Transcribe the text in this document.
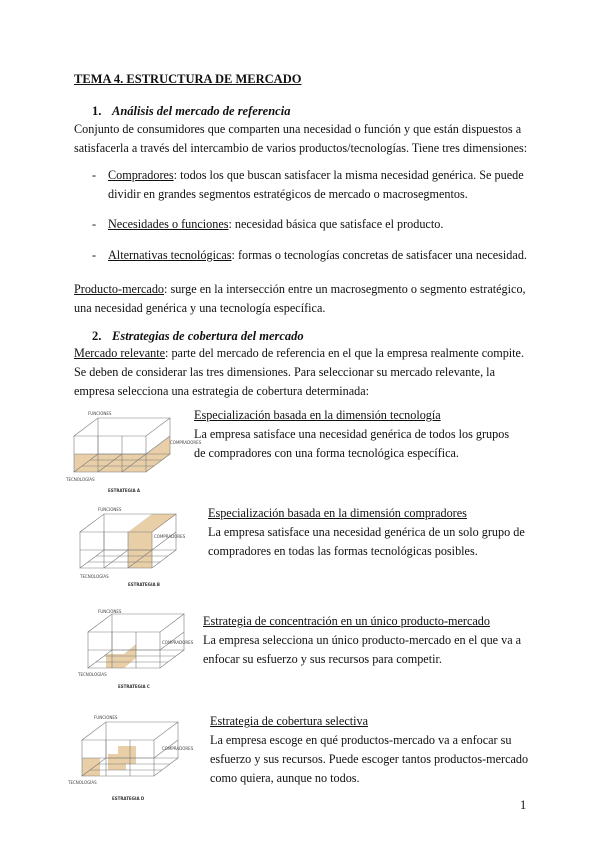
TEMA 4. ESTRUCTURA DE MERCADO
1. Análisis del mercado de referencia
Conjunto de consumidores que comparten una necesidad o función y que están dispuestos a satisfacerla a través del intercambio de varios productos/tecnologías. Tiene tres dimensiones:
- Compradores: todos los que buscan satisfacer la misma necesidad genérica. Se puede dividir en grandes segmentos estratégicos de mercado o macrosegmentos.
- Necesidades o funciones: necesidad básica que satisface el producto.
- Alternativas tecnológicas: formas o tecnologías concretas de satisfacer una necesidad.
Producto-mercado: surge en la intersección entre un macrosegmento o segmento estratégico, una necesidad genérica y una tecnología específica.
2. Estrategias de cobertura del mercado
Mercado relevante: parte del mercado de referencia en el que la empresa realmente compite. Se deben de considerar las tres dimensiones. Para seleccionar su mercado relevante, la empresa selecciona una estrategia de cobertura determinada:
FUNCIONES
COMPRADORES
TECNOLOGÍAS
ESTRATEGIA A
Especialización basada en la dimensión tecnología
La empresa satisface una necesidad genérica de todos los grupos de compradores con una forma tecnológica específica.
FUNCIONES
COMPRADORES
TECNOLOGÍAS
ESTRATEGIA B
Especialización basada en la dimensión compradores
La empresa satisface una necesidad genérica de un solo grupo de compradores en todas las formas tecnológicas posibles.
FUNCIONES
COMPRADORES
TECNOLOGÍAS
ESTRATEGIA C
Estrategia de concentración en un único producto-mercado
La empresa selecciona un único producto-mercado en el que va a enfocar su esfuerzo y sus recursos para competir.
FUNCIONES
COMPRADORES
TECNOLOGÍAS
ESTRATEGIA D
Estrategia de cobertura selectiva
La empresa escoge en qué productos-mercado va a enfocar su esfuerzo y sus recursos. Puede escoger tantos productos-mercado como quiera, aunque no todos.
1
